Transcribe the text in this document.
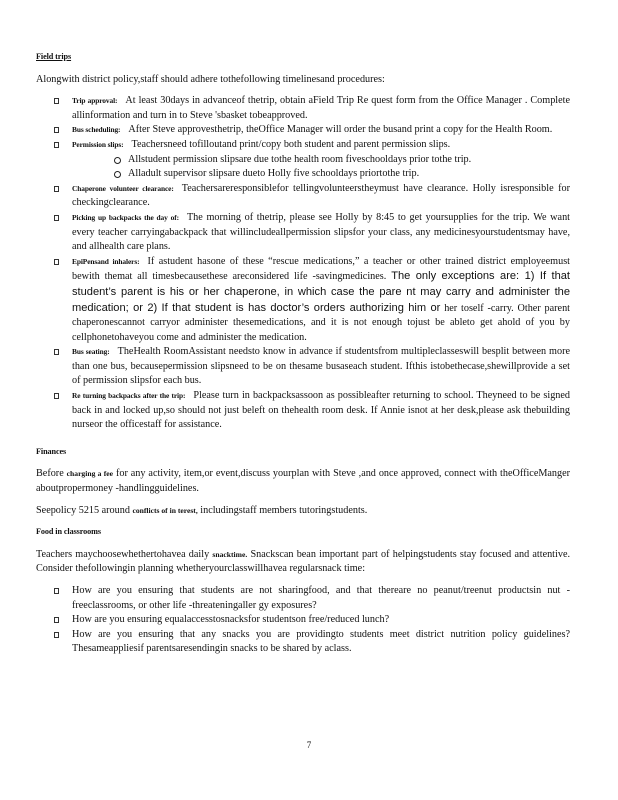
Field trips

Alongwith district policy,staff should adhere tothefollowing timelinesand procedures:

Trip approval: At least 30days in advanceof thetrip, obtain aField Trip Re quest form from the Office Manager . Complete allinformation and turn in to Steve 'sbasket tobeapproved.
Bus scheduling: After Steve approvesthetrip, theOffice Manager will order the busand print a copy for the Health Room.
Permission slips: Teachersneed tofilloutand print/copy both student and parent permission slips.
Allstudent permission slipsare due tothe health room fiveschooldays prior tothe trip.
Alladult supervisor slipsare dueto Holly five schooldays priortothe trip.
Chaperone volunteer clearance: Teachersareresponsiblefor tellingvolunteerstheymust have clearance. Holly isresponsible for checkingclearance.
Picking up backpacks the day of: The morning of thetrip, please see Holly by 8:45 to get yoursupplies for the trip. We want every teacher carryingabackpack that willincludeallpermission slipsfor your class, any medicinesyourstudentsmay have, and allhealth care plans.
EpiPensand inhalers: If astudent hasone of these “rescue medications,” a teacher or other trained district employeemust bewith themat all timesbecausethese areconsidered life -savingmedicines. The only exceptions are: 1) If that student’s parent is his or her chaperone, in which case the pare nt may carry and administer the medication; or 2) If that student is has doctor’s orders authorizing him or her toself -carry. Other parent chaperonescannot carryor administer thesemedications, and it is not enough tojust be ableto get ahold of you by cellphonetohaveyou come and administer the medication.
Bus seating: TheHealth RoomAssistant needsto know in advance if studentsfrom multipleclasseswill besplit between more than one bus, becausepermission slipsneed to be on thesame busaseach student. Ifthis istobethecase,shewillprovide a set of permission slipsfor each bus.
Re turning backpacks after the trip: Please turn in backpacksassoon as possibleafter returning to school. Theyneed to be signed back in and locked up,so should not just beleft on thehealth room desk. If Annie isnot at her desk,please ask thebuilding nurseor the officestaff for assistance.
Finances

Before charging a fee for any activity, item,or event,discuss yourplan with Steve ,and once approved, connect with theOfficeManger aboutpropermoney -handlingguidelines.

Seepolicy 5215 around conflicts of in terest, includingstaff members tutoringstudents.

Food in classrooms

Teachers maychoosewhethertohavea daily snacktime. Snackscan bean important part of helpingstudents stay focused and attentive. Consider thefollowingin planning whetheryourclasswillhavea regularsnack time:

How are you ensuring that students are not sharingfood, and that thereare no peanut/treenut productsin nut -freeclassrooms, or other life -threateningaller gy exposures?
How are you ensuring equalaccesstosnacksfor studentson free/reduced lunch?
How are you ensuring that any snacks you are providingto students meet district nutrition policy guidelines? Thesameappliesif parentsaresendingin snacks to be shared by aclass.
7
